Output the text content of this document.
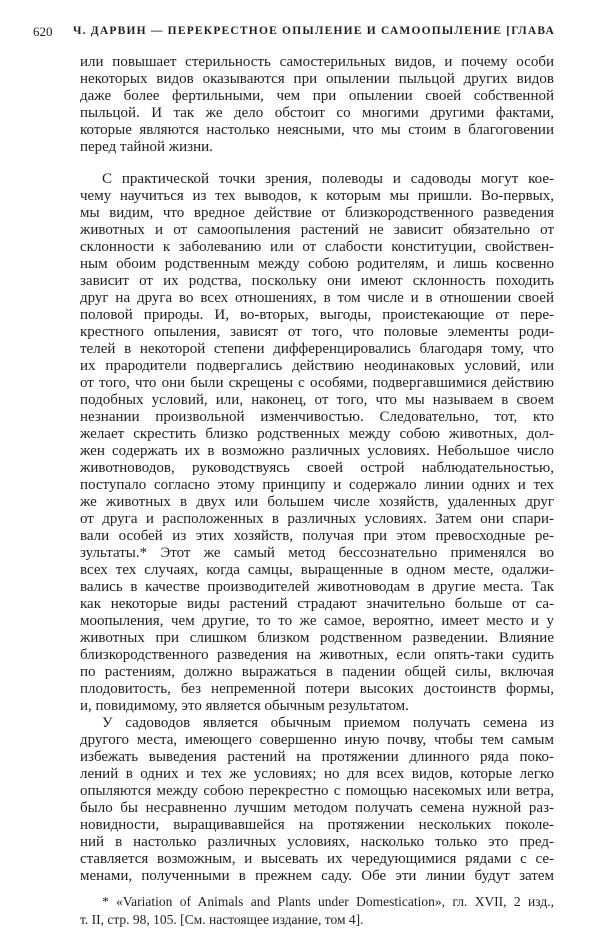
620 Ч. ДАРВИН — ПЕРЕКРЕСТНОЕ ОПЫЛЕНИЕ И САМООПЫЛЕНИЕ [ГЛАВА
или повышает стерильность самостерильных видов, и почему особи
некоторых видов оказываются при опылении пыльцой других видов
даже более фертильными, чем при опылении своей собственной
пыльцой. И так же дело обстоит со многими другими фактами,
которые являются настолько неясными, что мы стоим в благоговении
перед тайной жизни.
С практической точки зрения, полеводы и садоводы могут кое-
чему научиться из тех выводов, к которым мы пришли. Во-первых,
мы видим, что вредное действие от близкородственного разведения
животных и от самоопыления растений не зависит обязательно от
склонности к заболеванию или от слабости конституции, свойствен-
ным обоим родственным между собою родителям, и лишь косвенно
зависит от их родства, поскольку они имеют склонность походить
друг на друга во всех отношениях, в том числе и в отношении своей
половой природы. И, во-вторых, выгоды, проистекающие от пере-
крестного опыления, зависят от того, что половые элементы роди-
телей в некоторой степени дифференцировались благодаря тому, что
их прародители подвергались действию неодинаковых условий, или
от того, что они были скрещены с особями, подвергавшимися действию
подобных условий, или, наконец, от того, что мы называем в своем
незнании произвольной изменчивостью. Следовательно, тот, кто
желает скрестить близко родственных между собою животных, дол-
жен содержать их в возможно различных условиях. Небольшое число
животноводов, руководствуясь своей острой наблюдательностью,
поступало согласно этому принципу и содержало линии одних и тех
же животных в двух или большем числе хозяйств, удаленных друг
от друга и расположенных в различных условиях. Затем они спари-
вали особей из этих хозяйств, получая при этом превосходные ре-
зультаты.* Этот же самый метод бессознательно применялся во
всех тех случаях, когда самцы, выращенные в одном месте, одалжи-
вались в качестве производителей животноводам в другие места. Так
как некоторые виды растений страдают значительно больше от са-
моопыления, чем другие, то то же самое, вероятно, имеет место и у
животных при слишком близком родственном разведении. Влияние
близкородственного разведения на животных, если опять-таки судить
по растениям, должно выражаться в падении общей силы, включая
плодовитость, без непременной потери высоких достоинств формы,
и, повидимому, это является обычным результатом.
У садоводов является обычным приемом получать семена из
другого места, имеющего совершенно иную почву, чтобы тем самым
избежать выведения растений на протяжении длинного ряда поко-
лений в одних и тех же условиях; но для всех видов, которые легко
опыляются между собою перекрестно с помощью насекомых или ветра,
было бы несравненно лучшим методом получать семена нужной раз-
новидности, выращивавшейся на протяжении нескольких поколе-
ний в настолько различных условиях, насколько только это пред-
ставляется возможным, и высевать их чередующимися рядами с се-
менами, полученными в прежнем саду. Обе эти линии будут затем
* «Variation of Animals and Plants under Domestication», гл. XVII, 2 изд.,
т. II, стр. 98, 105. [См. настоящее издание, том 4].
